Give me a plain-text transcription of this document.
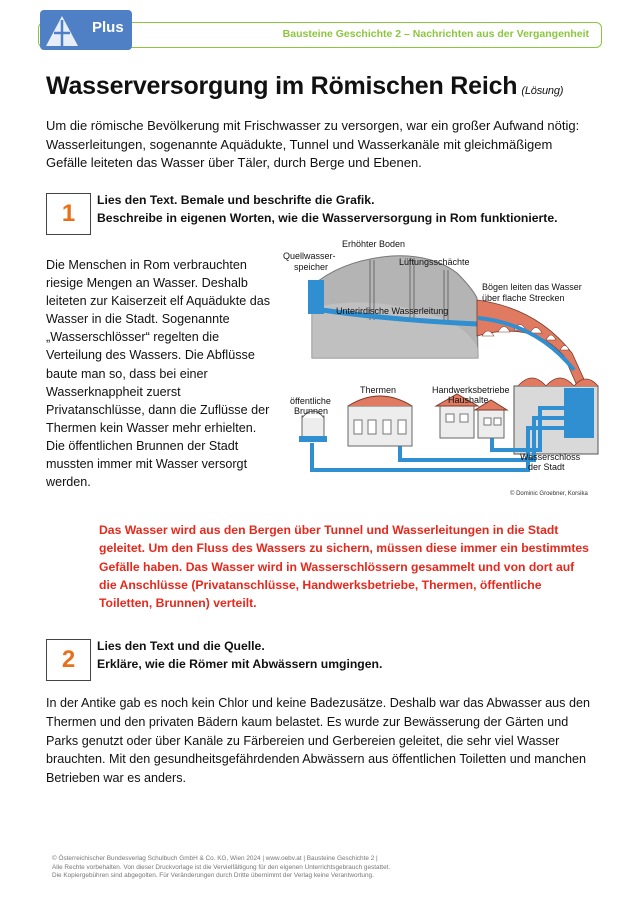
Bausteine Geschichte 2 – Nachrichten aus der Vergangenheit
Plus
Wasserversorgung im Römischen Reich (Lösung)
Um die römische Bevölkerung mit Frischwasser zu versorgen, war ein großer Aufwand nötig: Wasserleitungen, sogenannte Aquädukte, Tunnel und Wasserkanäle mit gleichmäßigem Gefälle leiteten das Wasser über Täler, durch Berge und Ebenen.
1	Lies den Text. Bemale und beschrifte die Grafik.
Beschreibe in eigenen Worten, wie die Wasserversorgung in Rom funktionierte.
Die Menschen in Rom verbrauchten riesige Mengen an Wasser. Deshalb leiteten zur Kaiserzeit elf Aquädukte das Wasser in die Stadt. Sogenannte „Wasserschlösser“ regelten die Verteilung des Wassers. Die Abflüsse baute man so, dass bei einer Wasserknappheit zuerst Privatanschlüsse, dann die Zuflüsse der Thermen kein Wasser mehr erhielten. Die öffentlichen Brunnen der Stadt mussten immer mit Wasser versorgt werden.
Erhöhter Boden
Quellwasser-
speicher	Lüftungsschächte
Bögen leiten das Wasser
über flache Strecken
Unterirdische Wasserleitung
Thermen	Handwerksbetriebe
Haushalte
öffentliche
Brunnen
Wasserschloss
der Stadt
© Dominic Groebner, Korsika
Das Wasser wird aus den Bergen über Tunnel und Wasserleitungen in die Stadt geleitet. Um den Fluss des Wassers zu sichern, müssen diese immer ein bestimmtes Gefälle haben. Das Wasser wird in Wasserschlössern gesammelt und von dort auf die Anschlüsse (Privatanschlüsse, Handwerksbetriebe, Thermen, öffentliche Toiletten, Brunnen) verteilt.
2	Lies den Text und die Quelle.
Erkläre, wie die Römer mit Abwässern umgingen.
In der Antike gab es noch kein Chlor und keine Badezusätze. Deshalb war das Abwasser aus den Thermen und den privaten Bädern kaum belastet. Es wurde zur Bewässerung der Gärten und Parks genutzt oder über Kanäle zu Färbereien und Gerbereien geleitet, die sehr viel Wasser brauchten. Mit den gesundheitsgefährdenden Abwässern aus öffentlichen Toiletten und manchen Betrieben war es anders.
© Österreichischer Bundesverlag Schulbuch GmbH & Co. KG, Wien 2024 | www.oebv.at | Bausteine Geschichte 2 |
Alle Rechte vorbehalten. Von dieser Druckvorlage ist die Vervielfältigung für den eigenen Unterrichtsgebrauch gestattet.
Die Kopiergebühren sind abgegolten. Für Veränderungen durch Dritte übernimmt der Verlag keine Verantwortung.
